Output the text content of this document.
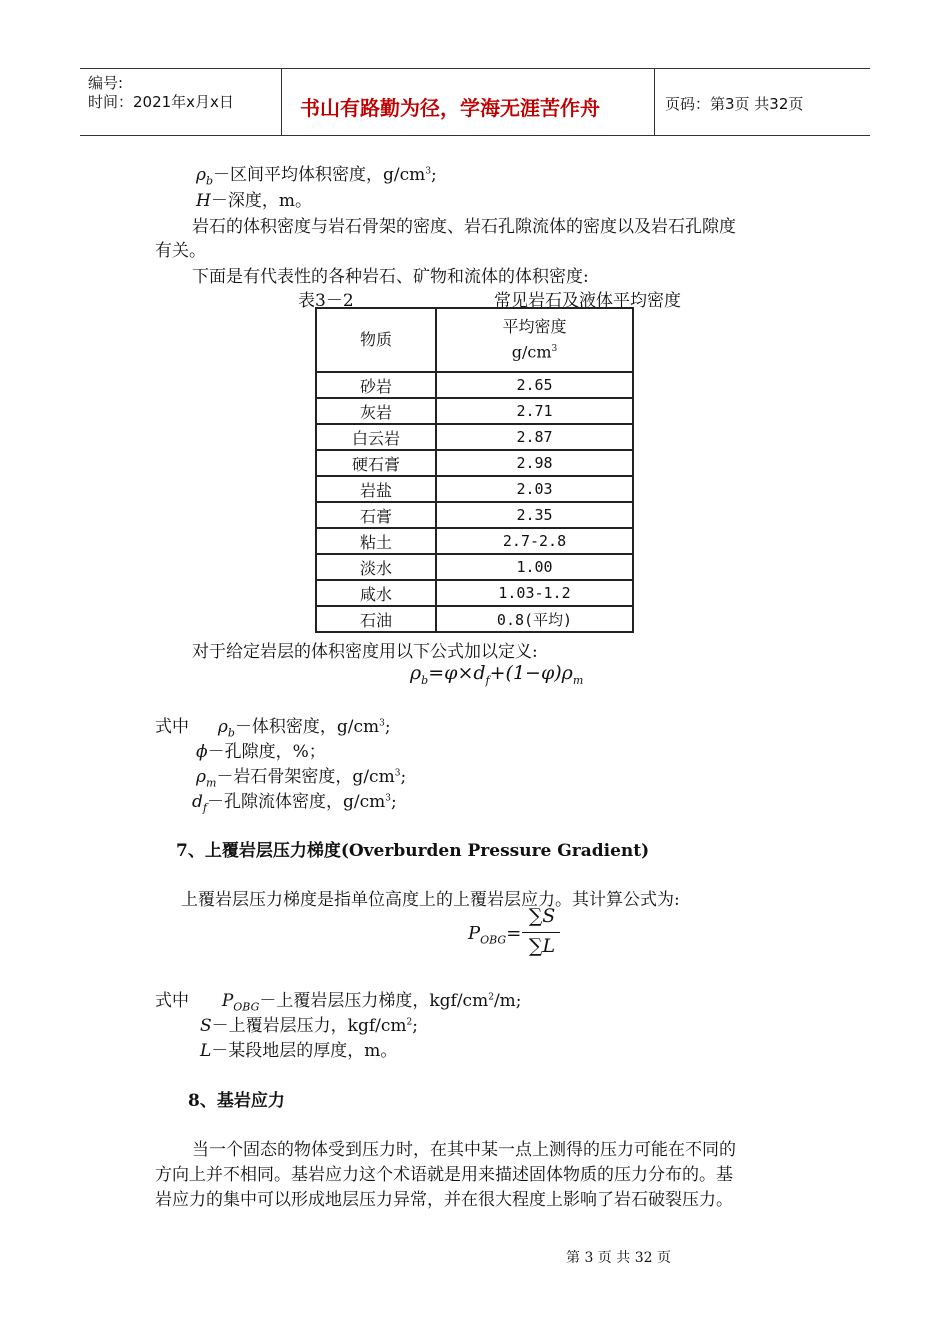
编号:
时间：2021年x月x日	书山有路勤为径，学海无涯苦作舟	页码：第3页 共32页
$\rho_b-$区间平均体积密度，$g/cm^3$;
H－深度，m。
岩石的体积密度与岩石骨架的密度、岩石孔隙流体的密度以及岩石孔隙度
有关。
下面是有代表性的各种岩石、矿物和流体的体积密度:
表3－2	常见岩石及液体平均密度
物质	平均密度
$g/cm^3$

砂岩	2.65
灰岩	2.71
白云岩	2.87
硬石膏	2.98
岩盐	2.03
石膏	2.35
粘土	2.7-2.8
淡水	1.00
咸水	1.03-1.2
石油	0.8(平均)
对于给定岩层的体积密度用以下公式加以定义:
$\rho_b=\varphi\times d_f+(1-\varphi)\rho_m$
式中 $\rho_b-$体积密度，$g/cm^3$;
ϕ－孔隙度，%；
$\rho_m-$岩石骨架密度，$g/cm^3$;
$d_f-$孔隙流体密度，$g/cm^3$;
7、上覆岩层压力梯度(Overburden Pressure Gradient)
上覆岩层压力梯度是指单位高度上的上覆岩层应力。其计算公式为:
$P_{OBG}=$
∑S
∑L
式中 $P_{OBG}-$上覆岩层压力梯度，kgf/$cm^2/m$;
S－上覆岩层压力，kgf/$cm^2$;
L－某段地层的厚度，m。
8、基岩应力
当一个固态的物体受到压力时，在其中某一点上测得的压力可能在不同的
方向上并不相同。基岩应力这个术语就是用来描述固体物质的压力分布的。基
岩应力的集中可以形成地层压力异常，并在很大程度上影响了岩石破裂压力。
第 3 页 共 32 页
